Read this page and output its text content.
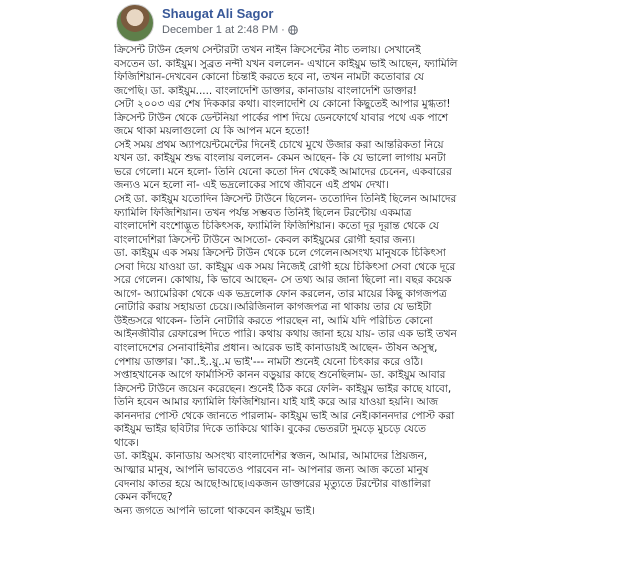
Shaugat Ali Sagor
December 1 at 2:48 PM ·

ক্রিসেন্ট টাউন হেলথ সেন্টারটা তখন নাইন ক্রিসেন্টের নীচ তলায়। সেখানেই

বসতেন ডা. কাইয়ুম। সুব্রত নন্দী যখন বললেন- এখানে কাইয়ুম ভাই আছেন, ফ্যামিলি

ফিজিশিয়ান-দেখবেন কোনো চিন্তাই করতে হবে না, তখন নামটা কতোবার যে

জপেছি। ডা. কাইয়ুম..... বাংলাদেশি ডাক্তার, কানাডায় বাংলাদেশি ডাক্তার!

সেটা ২০০৩ এর শেষ দিককার কথা। বাংলাদেশি যে কোনো কিছুতেই আপার মুগ্ধতা!

ক্রিসেন্ট টাউন থেকে ডেন্টনিয়া পার্কের পাশ দিয়ে ডেনফোর্থে যাবার পথে এক পাশে

জমে থাকা ময়লাগুলো যে কি আপন মনে হতো!

সেই সময় প্রথম অ্যাপয়েন্টমেন্টের দিনেই চোখে মুখে উজার করা আন্তরিকতা নিয়ে

যখন ডা. কাইয়ুম শুদ্ধ বাংলায় বললেন- কেমন আছেন- কি যে ভালো লাগায় মনটা

ভরে গেলো। মনে হলো- তিনি যেনো কতো দিন থেকেই আমাদের চেনেন, একবারের

জন্যও মনে হলো না- এই ভদ্রলোকের সাথে জীবনে এই প্রথম দেখা।

সেই ডা. কাইয়ুম যতোদিন ক্রিসেন্ট টাউনে ছিলেন- ততোদিন তিনিই ছিলেন আমাদের

ফ্যামিলি ফিজিশিয়ান। তখন পর্যন্ত সম্ভবত তিনিই ছিলেন টরন্টোয় একমাত্র

বাংলাদেশি বংশোদ্ভূত চিকিৎসক, ফ্যামিলি ফিজিশিয়ান। কতো দূর দূরান্ত থেকে যে

বাংলাদেশিরা ক্রিসেন্ট টাউনে আসতো- কেবল কাইয়ুমের রোগী হবার জন্য।

ডা. কাইয়ুম এক সময় ক্রিসেন্ট টাউন থেকে চলে গেলেন।অসংখ্য মানুষকে চিকিৎসা

সেবা দিয়ে যাওয়া ডা. কাইয়ুম এক সময় নিজেই রোগী হয়ে চিকিৎসা সেবা থেকে দূরে

সরে গেলেন। কোথায়, কি ভাবে আছেন- সে তথ্য আর জানা ছিলো না। বছর কয়েক

আগে- অ্যামেরিকা থেকে এক ভদ্রলোক ফোন করলেন, তার মায়ের কিছু কাগজপত্র

নোটারি করায় সহায়তা চেয়ে।।অরিজিনাল কাগজপত্র না থাকায় তার যে ভাইটা

উইন্ডসরে থাকেন- তিনি নোটারি করতে পারছেন না, আমি যদি পরিচিত কোনো

আইনজীবীর রেফারেন্স দিতে পারি। কথায় কথায় জানা হয়ে যায়- তার এক ভাই তখন

বাংলাদেশের সেনাবাহিনীর প্রধান। আরেক ভাই কানাডায়ই আছেন- তীষন অসুস্থ,

পেশায় ডাক্তার। 'কা..ই..য়ু..ম ভাই'--- নামটা শুনেই যেনো চিৎকার করে ওঠি।

সপ্তাহখানেক আগে ফার্মাসিস্ট কানন বড়ুয়ার কাছে শুনেছিলাম- ডা. কাইয়ুম আবার

ক্রিসেন্ট টাউনে জয়েন করেছেন। শুনেই ঠিক করে ফেলি- কাইয়ুম ভাইর কাছে যাবো,

তিনি হবেন আমার ফ্যামিলি ফিজিশিয়ান। যাই যাই করে আর যাওয়া হয়নি। আজ

কাননদার পোস্ট থেকে জানতে পারলাম- কাইয়ুম ভাই আর নেই।কাননদার পোস্ট করা

কাইয়ুম ভাইর ছবিটার দিকে তাকিয়ে থাকি। বুকের ভেতরটা দুমড়ে মুচড়ে যেতে

থাকে।

ডা. কাইয়ুম. কানাডায় অসংখ্য বাংলাদেশির স্বজন, আমার, আমাদের প্রিয়জন,

আত্মার মানুষ, আপনি ভাবতেও পারবেন না- আপনার জন্য আজ কতো মানুষ

বেদনায় কাতর হয়ে আছে!আছে।একজন ডাক্তারের মৃত্যুতে টরন্টোর বাঙালিরা

কেমন কাঁদছে?

অন্য জগতে আপনি ভালো থাকবেন কাইয়ুম ভাই।
